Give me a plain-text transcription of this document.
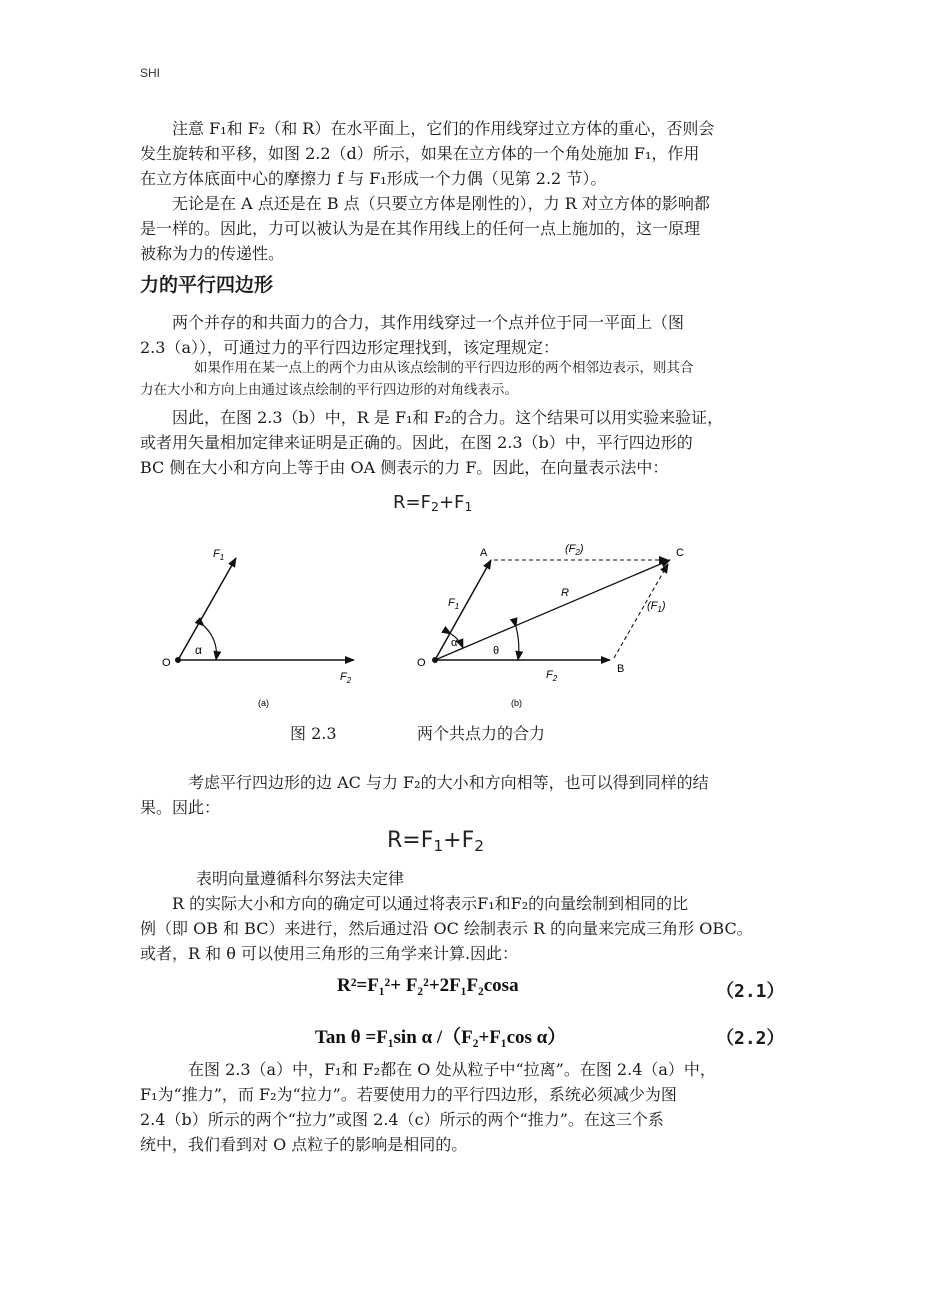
SHI

注意 F₁和 F₂（和 R）在水平面上，它们的作用线穿过立方体的重心，否则会

发生旋转和平移，如图 2.2（d）所示，如果在立方体的一个角处施加 F₁，作用
在立方体底面中心的摩擦力 f 与 F₁形成一个力偶（见第 2.2 节）。

无论是在 A 点还是在 B 点（只要立方体是刚性的），力 R 对立方体的影响都

是一样的。因此，力可以被认为是在其作用线上的任何一点上施加的，这一原理
被称为力的传递性。
力的平行四边形

两个并存的和共面力的合力，其作用线穿过一个点并位于同一平面上（图

2.3（a）），可通过力的平行四边形定理找到，该定理规定：
如果作用在某一点上的两个力由从该点绘制的平行四边形的两个相邻边表示，则其合
力在大小和方向上由通过该点绘制的平行四边形的对角线表示。

因此，在图 2.3（b）中，R 是 F₁和 F₂的合力。这个结果可以用实验来验证，

或者用矢量相加定律来证明是正确的。因此，在图 2.3（b）中，平行四边形的
BC 侧在大小和方向上等于由 OA 侧表示的力 F。因此，在向量表示法中：
$R=F_2+F_1$
$F_1$
$F_2$
α
O
(a)
A	C
B
O
$(F_2)$
$(F_1)$
R
$F_1$
$F_2$
α
θ
(b)
图 2.3	两个共点力的合力

考虑平行四边形的边 AC 与力 F₂的大小和方向相等，也可以得到同样的结

果。因此：
$R=F_1+F_2$
表明向量遵循科尔努法夫定律

R 的实际大小和方向的确定可以通过将表示F₁和F₂的向量绘制到相同的比

例（即 OB 和 BC）来进行，然后通过沿 OC 绘制表示 R 的向量来完成三角形 OBC。
或者，R 和 θ 可以使用三角形的三角学来计算.因此：
R²=F₁²+ F₂²+2F₁F₂cosa	（2.1）
Tan θ =F₁sin α /（F₂+F₁cos α）	（2.2）

在图 2.3（a）中，F₁和 F₂都在 O 处从粒子中“拉离”。在图 2.4（a）中，

F₁为“推力”，而 F₂为“拉力”。若要使用力的平行四边形，系统必须减少为图
2.4（b）所示的两个“拉力”或图 2.4（c）所示的两个“推力”。在这三个系
统中，我们看到对 O 点粒子的影响是相同的。
